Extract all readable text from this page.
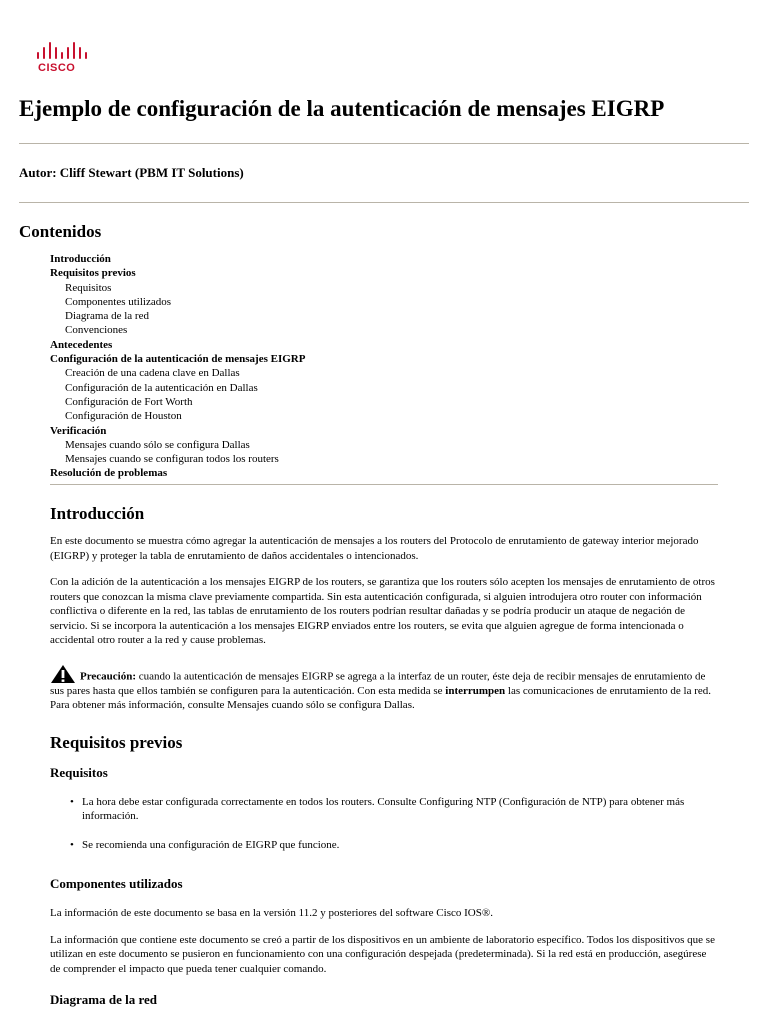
CISCO
Ejemplo de configuración de la autenticación de mensajes EIGRP
Autor: Cliff Stewart (PBM IT Solutions)
Contenidos
Introducción
Requisitos previos
Requisitos
Componentes utilizados
Diagrama de la red
Convenciones
Antecedentes
Configuración de la autenticación de mensajes EIGRP
Creación de una cadena clave en Dallas
Configuración de la autenticación en Dallas
Configuración de Fort Worth
Configuración de Houston
Verificación
Mensajes cuando sólo se configura Dallas
Mensajes cuando se configuran todos los routers
Resolución de problemas
Introducción

En este documento se muestra cómo agregar la autenticación de mensajes a los routers del Protocolo de enrutamiento de gateway interior mejorado (EIGRP) y proteger la tabla de enrutamiento de daños accidentales o intencionados.

Con la adición de la autenticación a los mensajes EIGRP de los routers, se garantiza que los routers sólo acepten los mensajes de enrutamiento de otros routers que conozcan la misma clave previamente compartida. Sin esta autenticación configurada, si alguien introdujera otro router con información conflictiva o diferente en la red, las tablas de enrutamiento de los routers podrían resultar dañadas y se podría producir un ataque de negación de servicio. Si se incorpora la autenticación a los mensajes EIGRP enviados entre los routers, se evita que alguien agregue de forma intencionada o accidental otro router a la red y cause problemas.

Precaución: cuando la autenticación de mensajes EIGRP se agrega a la interfaz de un router, éste deja de recibir mensajes de enrutamiento de sus pares hasta que ellos también se configuren para la autenticación. Con esta medida se interrumpen las comunicaciones de enrutamiento de la red. Para obtener más información, consulte Mensajes cuando sólo se configura Dallas.

Requisitos previos
Requisitos
• La hora debe estar configurada correctamente en todos los routers. Consulte Configuring NTP (Configuración de NTP) para obtener más información.
• Se recomienda una configuración de EIGRP que funcione.
Componentes utilizados

La información de este documento se basa en la versión 11.2 y posteriores del software Cisco IOS®.

La información que contiene este documento se creó a partir de los dispositivos en un ambiente de laboratorio específico. Todos los dispositivos que se utilizan en este documento se pusieron en funcionamiento con una configuración despejada (predeterminada). Si la red está en producción, asegúrese de comprender el impacto que pueda tener cualquier comando.

Diagrama de la red
